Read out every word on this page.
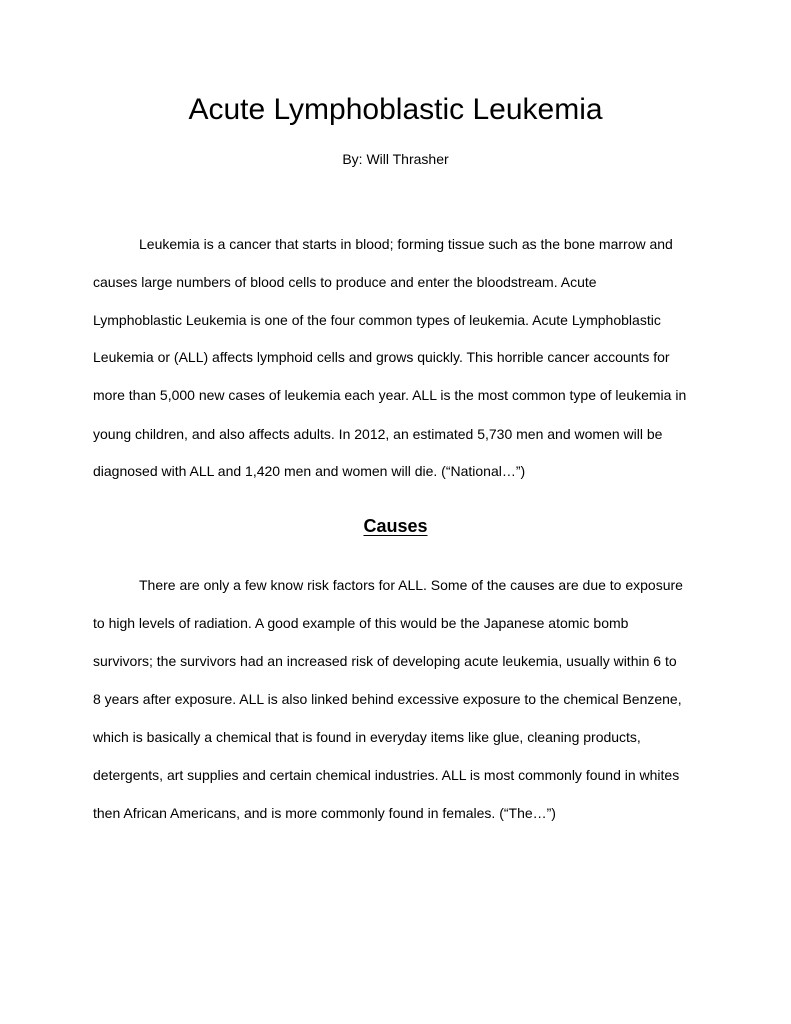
Acute Lymphoblastic Leukemia
By: Will Thrasher
Leukemia is a cancer that starts in blood; forming tissue such as the bone marrow and
causes large numbers of blood cells to produce and enter the bloodstream. Acute
Lymphoblastic Leukemia is one of the four common types of leukemia. Acute Lymphoblastic
Leukemia or (ALL) affects lymphoid cells and grows quickly. This horrible cancer accounts for
more than 5,000 new cases of leukemia each year. ALL is the most common type of leukemia in
young children, and also affects adults. In 2012, an estimated 5,730 men and women will be
diagnosed with ALL and 1,420 men and women will die. (“National…”)
Causes
There are only a few know risk factors for ALL. Some of the causes are due to exposure
to high levels of radiation. A good example of this would be the Japanese atomic bomb
survivors; the survivors had an increased risk of developing acute leukemia, usually within 6 to
8 years after exposure. ALL is also linked behind excessive exposure to the chemical Benzene,
which is basically a chemical that is found in everyday items like glue, cleaning products,
detergents, art supplies and certain chemical industries. ALL is most commonly found in whites
then African Americans, and is more commonly found in females. (“The…”)
